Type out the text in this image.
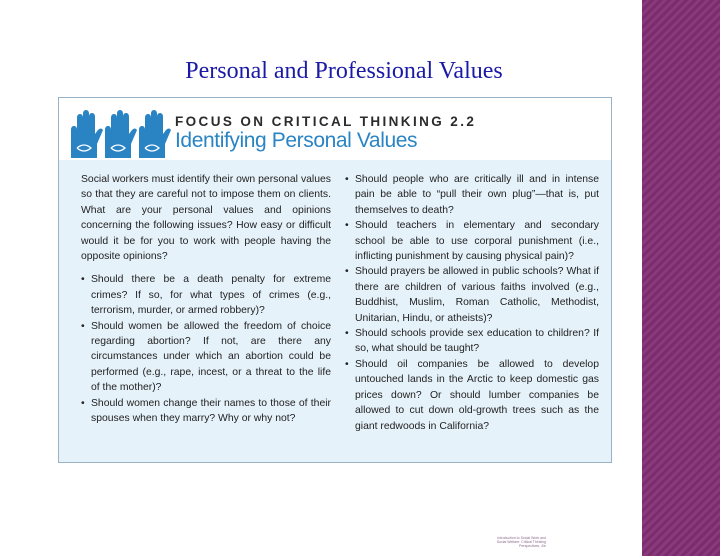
Personal and Professional Values
FOCUS ON CRITICAL THINKING 2.2
Identifying Personal Values

Social workers must identify their own personal values so that they are careful not to impose them on clients. What are your personal values and opinions concerning the following issues? How easy or difficult would it be for you to work with people having the opposite opinions?

• Should there be a death penalty for extreme crimes? If so, for what types of crimes (e.g., terrorism, murder, or armed robbery)?
• Should women be allowed the freedom of choice regarding abortion? If not, are there any circumstances under which an abortion could be performed (e.g., rape, incest, or a threat to the life of the mother)?
• Should women change their names to those of their spouses when they marry? Why or why not?
• Should people who are critically ill and in intense pain be able to “pull their own plug”—that is, put themselves to death?
• Should teachers in elementary and secondary school be able to use corporal punishment (i.e., inflicting punishment by causing physical pain)?
• Should prayers be allowed in public schools? What if there are children of various faiths involved (e.g., Buddhist, Muslim, Roman Catholic, Methodist, Unitarian, Hindu, or atheists)?
• Should schools provide sex education to children? If so, what should be taught?
• Should oil companies be allowed to develop untouched lands in the Arctic to keep domestic gas prices down? Or should lumber companies be allowed to cut down old-growth trees such as the giant redwoods in California?
Introduction to Social Work and Social Welfare: Critical Thinking Perspectives, 4/e
